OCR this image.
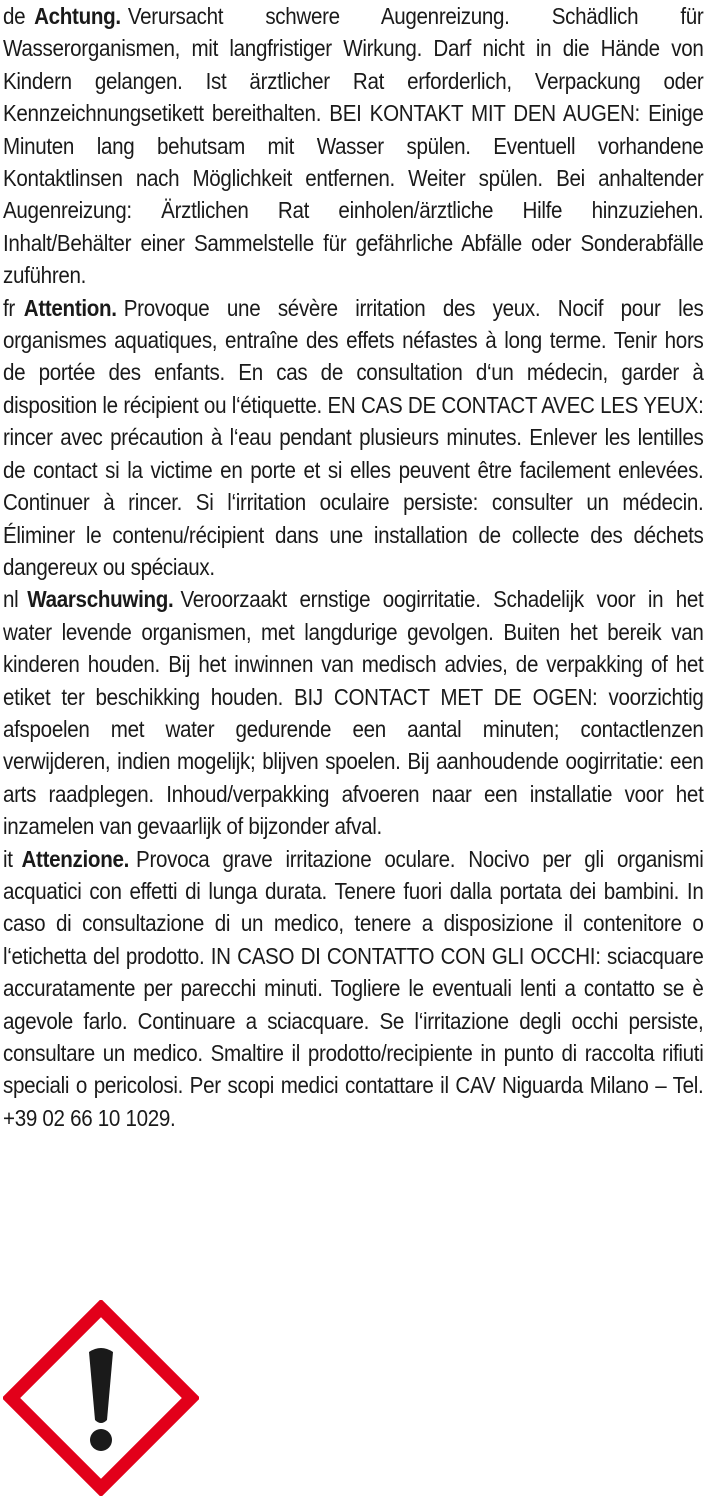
de Achtung. Verursacht schwere Augenreizung. Schädlich für Wasserorganismen, mit langfristiger Wirkung. Darf nicht in die Hände von Kindern gelangen. Ist ärztlicher Rat erforderlich, Verpackung oder Kennzeichnungsetikett bereithalten. BEI KONTAKT MIT DEN AUGEN: Einige Minuten lang behutsam mit Wasser spülen. Eventuell vorhandene Kontaktlinsen nach Möglichkeit entfernen. Weiter spülen. Bei anhaltender Augenreizung: Ärztlichen Rat einholen/ärztliche Hilfe hinzuziehen. Inhalt/Behälter einer Sammelstelle für gefährliche Abfälle oder Sonderabfälle zuführen.

fr Attention. Provoque une sévère irritation des yeux. Nocif pour les organismes aquatiques, entraîne des effets néfastes à long terme. Tenir hors de portée des enfants. En cas de consultation d‘un médecin, garder à disposition le récipient ou l‘étiquette. EN CAS DE CONTACT AVEC LES YEUX: rincer avec précaution à l‘eau pendant plusieurs minutes. Enlever les lentilles de contact si la victime en porte et si elles peuvent être facilement enlevées. Continuer à rincer. Si l‘irritation oculaire persiste: consulter un médecin. Éliminer le contenu/récipient dans une installation de collecte des déchets dangereux ou spéciaux.

nl Waarschuwing. Veroorzaakt ernstige oogirritatie. Schadelijk voor in het water levende organismen, met langdurige gevolgen. Buiten het bereik van kinderen houden. Bij het inwinnen van medisch advies, de verpakking of het etiket ter beschikking houden. BIJ CONTACT MET DE OGEN: voorzichtig afspoelen met water gedurende een aantal minuten; contactlenzen verwijderen, indien mogelijk; blijven spoelen. Bij aanhoudende oogirritatie: een arts raadplegen. Inhoud/verpakking afvoeren naar een installatie voor het inzamelen van gevaarlijk of bijzonder afval.

it Attenzione. Provoca grave irritazione oculare. Nocivo per gli organismi acquatici con effetti di lunga durata. Tenere fuori dalla portata dei bambini. In caso di consultazione di un medico, tenere a disposizione il contenitore o l‘etichetta del prodotto. IN CASO DI CONTATTO CON GLI OCCHI: sciacquare accuratamente per parecchi minuti. Togliere le eventuali lenti a contatto se è agevole farlo. Continuare a sciacquare. Se l‘irritazione degli occhi persiste, consultare un medico. Smaltire il prodotto/recipiente in punto di raccolta rifiuti speciali o pericolosi. Per scopi medici contattare il CAV Niguarda Milano – Tel. +39 02 66 10 1029.
